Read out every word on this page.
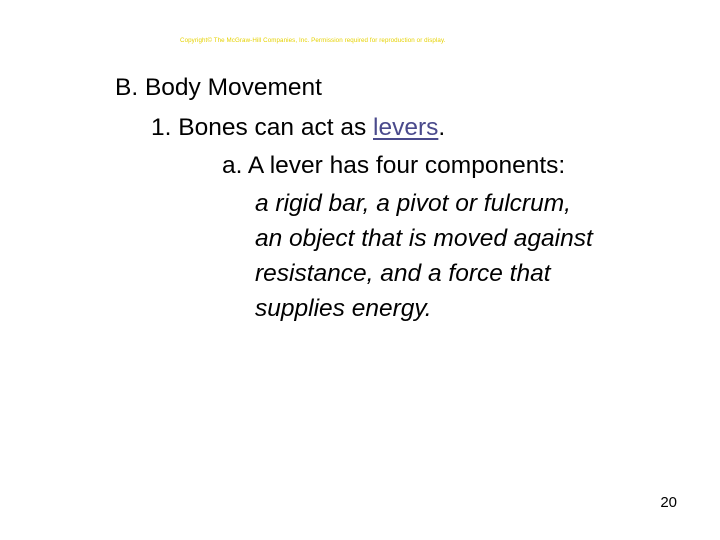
Copyright© The McGraw-Hill Companies, Inc. Permission required for reproduction or display.
B. Body Movement
1. Bones can act as levers.
a. A lever has four components:
a rigid bar, a pivot or fulcrum,
an object that is moved against
resistance, and a force that
supplies energy.
20
